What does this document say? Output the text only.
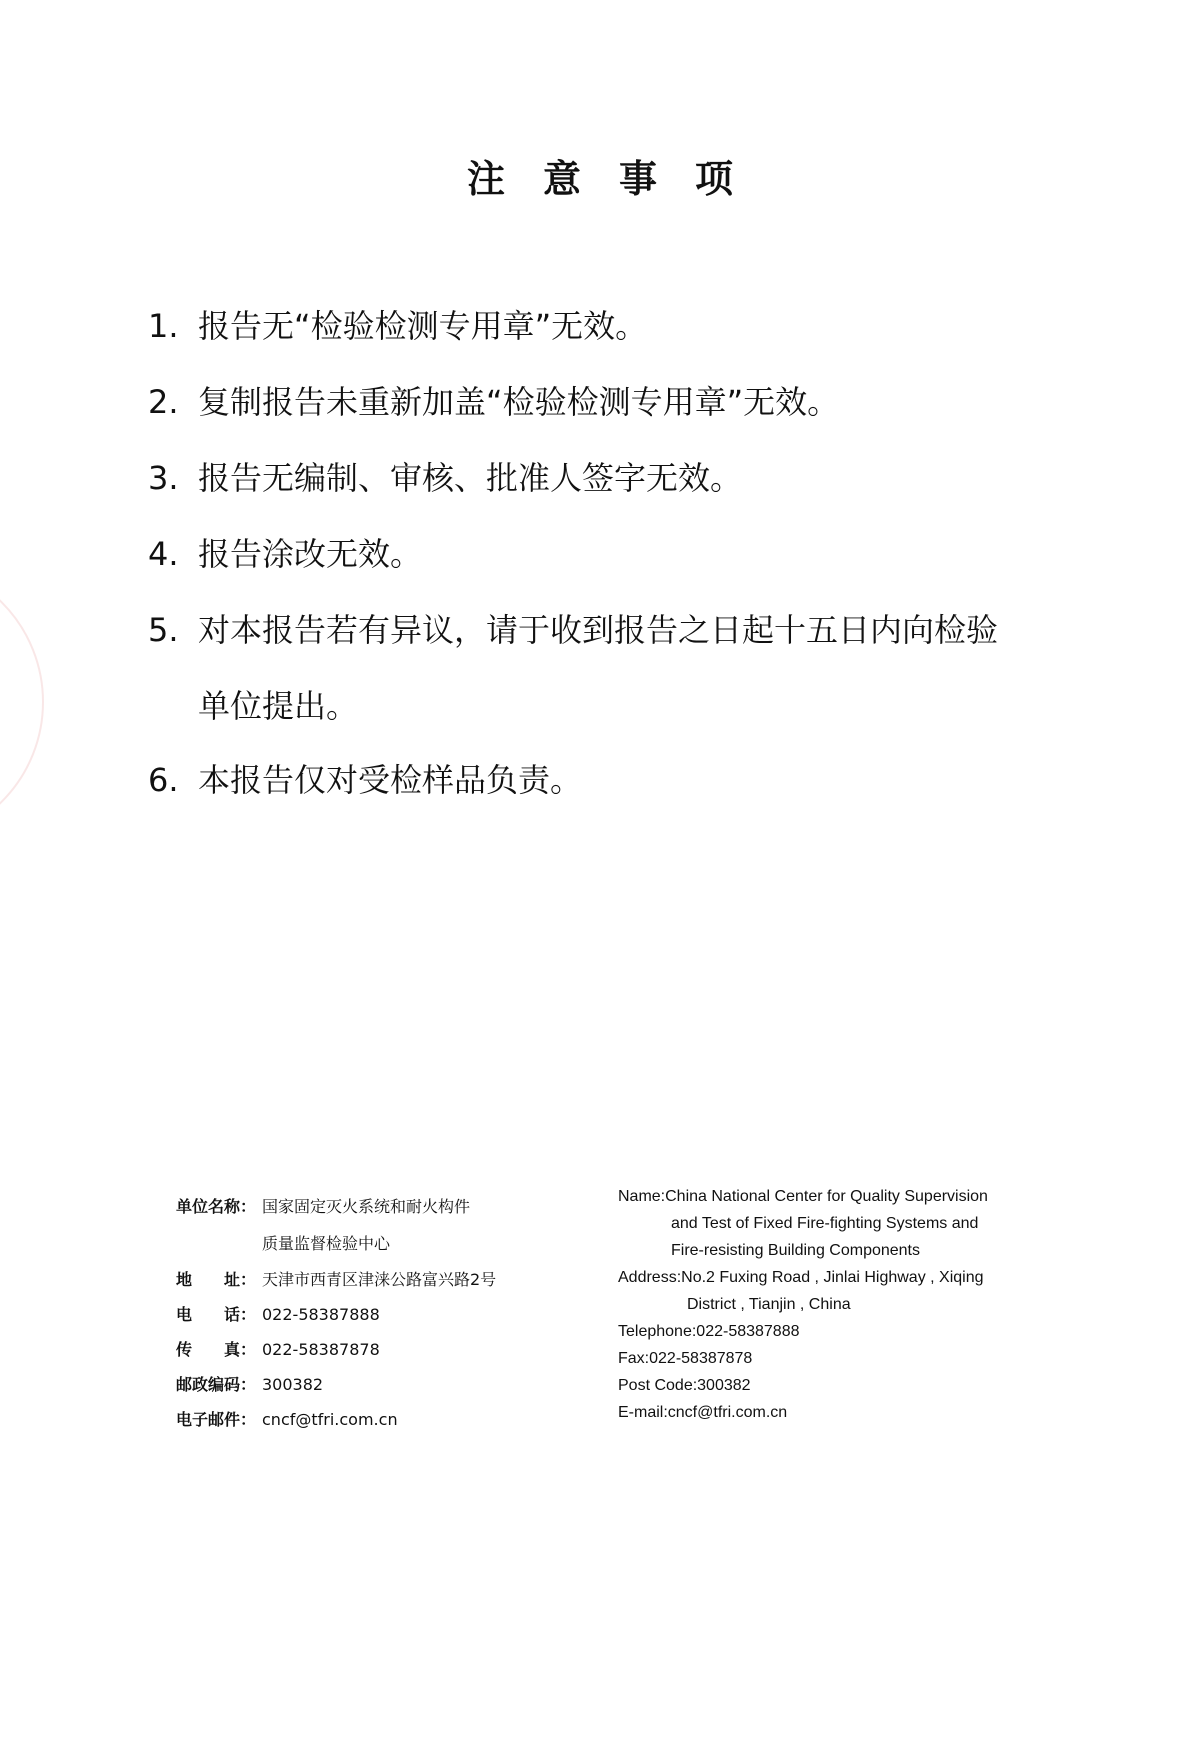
注意事项
1. 报告无“检验检测专用章”无效。
2. 复制报告未重新加盖“检验检测专用章”无效。
3. 报告无编制、审核、批准人签字无效。
4. 报告涂改无效。
5. 对本报告若有异议，请于收到报告之日起十五日内向检验
单位提出。
6. 本报告仅对受检样品负责。
单位名称： 国家固定灭火系统和耐火构件
质量监督检验中心
地　　址： 天津市西青区津涞公路富兴路2号
电　　话： 022-58387888
传　　真： 022-58387878
邮政编码： 300382
电子邮件： cncf@tfri.com.cn
Name:China National Center for Quality Supervision
and Test of Fixed Fire-fighting Systems and
Fire-resisting Building Components
Address:No.2 Fuxing Road , Jinlai Highway , Xiqing
District , Tianjin , China
Telephone:022-58387888
Fax:022-58387878
Post Code:300382
E-mail:cncf@tfri.com.cn
